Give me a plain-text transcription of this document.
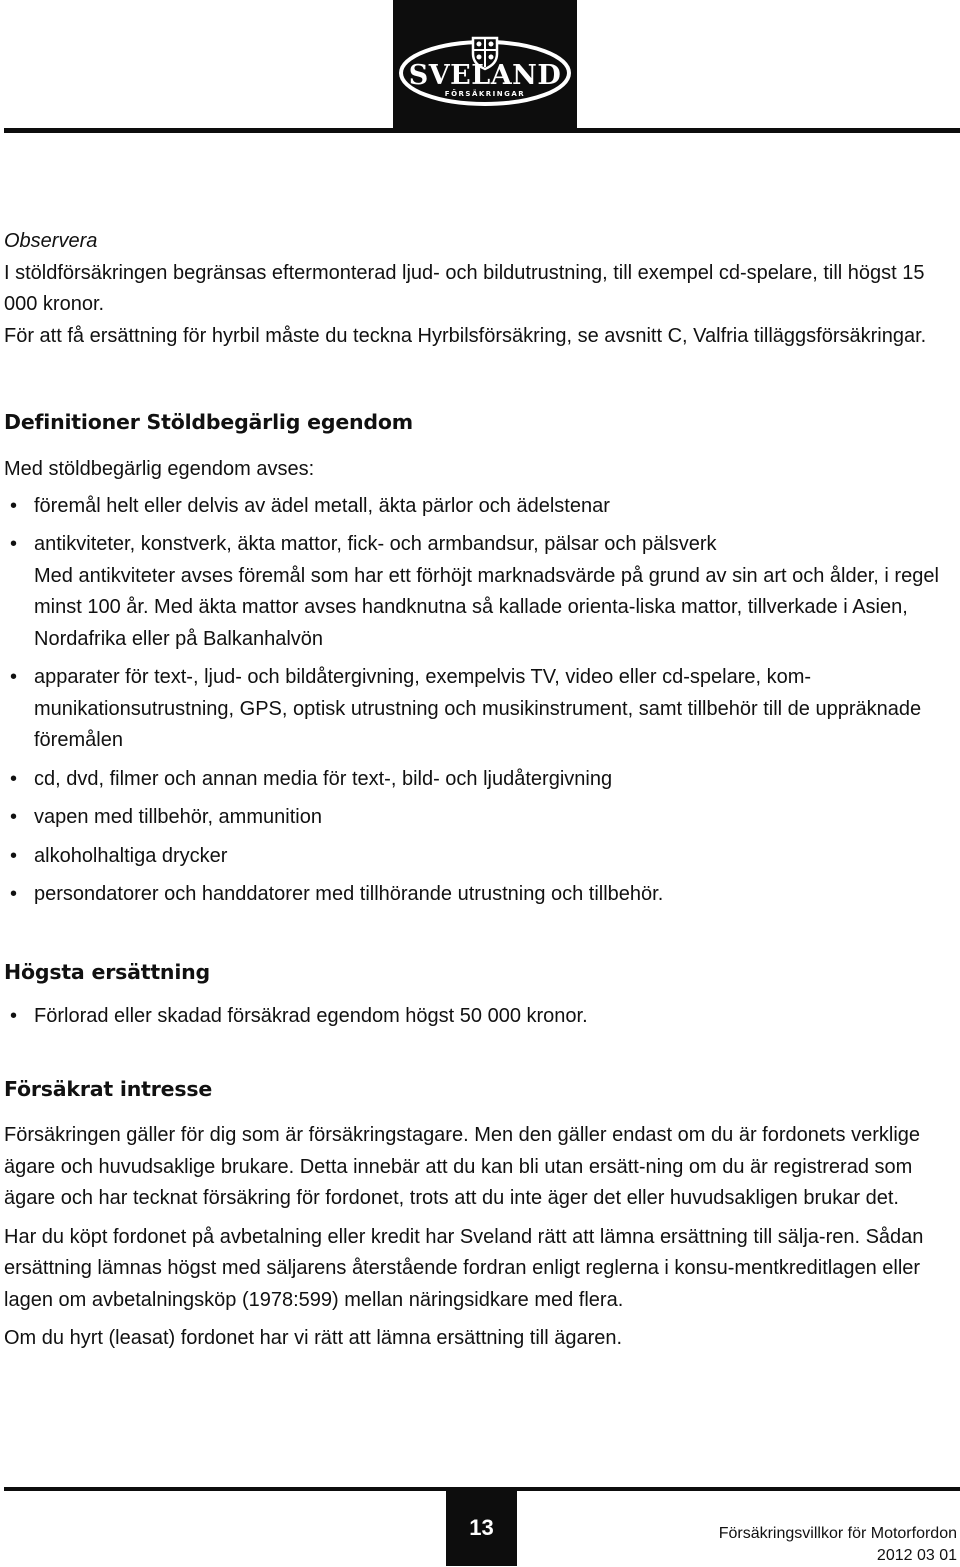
SVELAND
FÖRSÄKRINGAR

Observera

I stöldförsäkringen begränsas eftermonterad ljud- och bildutrustning, till exempel cd-spelare, till högst 15 000 kronor.

För att få ersättning för hyrbil måste du teckna Hyrbilsförsäkring, se avsnitt C, Valfria tilläggsförsäkringar.

Definitioner Stöldbegärlig egendom

Med stöldbegärlig egendom avses:

• föremål helt eller delvis av ädel metall, äkta pärlor och ädelstenar

• antikviteter, konstverk, äkta mattor, fick- och armbandsur, pälsar och pälsverk

Med antikviteter avses föremål som har ett förhöjt marknadsvärde på grund av sin art och ålder, i regel minst 100 år. Med äkta mattor avses handknutna så kallade orienta-liska mattor, tillverkade i Asien, Nordafrika eller på Balkanhalvön

• apparater för text-, ljud- och bildåtergivning, exempelvis TV, video eller cd-spelare, kom-munikationsutrustning, GPS, optisk utrustning och musikinstrument, samt tillbehör till de uppräknade föremålen

• cd, dvd, filmer och annan media för text-, bild- och ljudåtergivning

• vapen med tillbehör, ammunition

• alkoholhaltiga drycker

• persondatorer och handdatorer med tillhörande utrustning och tillbehör.

Högsta ersättning
• Förlorad eller skadad försäkrad egendom högst 50 000 kronor.

Försäkrat intresse

Försäkringen gäller för dig som är försäkringstagare. Men den gäller endast om du är fordonets verklige ägare och huvudsaklige brukare. Detta innebär att du kan bli utan ersätt-ning om du är registrerad som ägare och har tecknat försäkring för fordonet, trots att du inte äger det eller huvudsakligen brukar det.

Har du köpt fordonet på avbetalning eller kredit har Sveland rätt att lämna ersättning till sälja-ren. Sådan ersättning lämnas högst med säljarens återstående fordran enligt reglerna i konsu-mentkreditlagen eller lagen om avbetalningsköp (1978:599) mellan näringsidkare med flera.

Om du hyrt (leasat) fordonet har vi rätt att lämna ersättning till ägaren.

13	Försäkringsvillkor för Motorfordon
2012 03 01
